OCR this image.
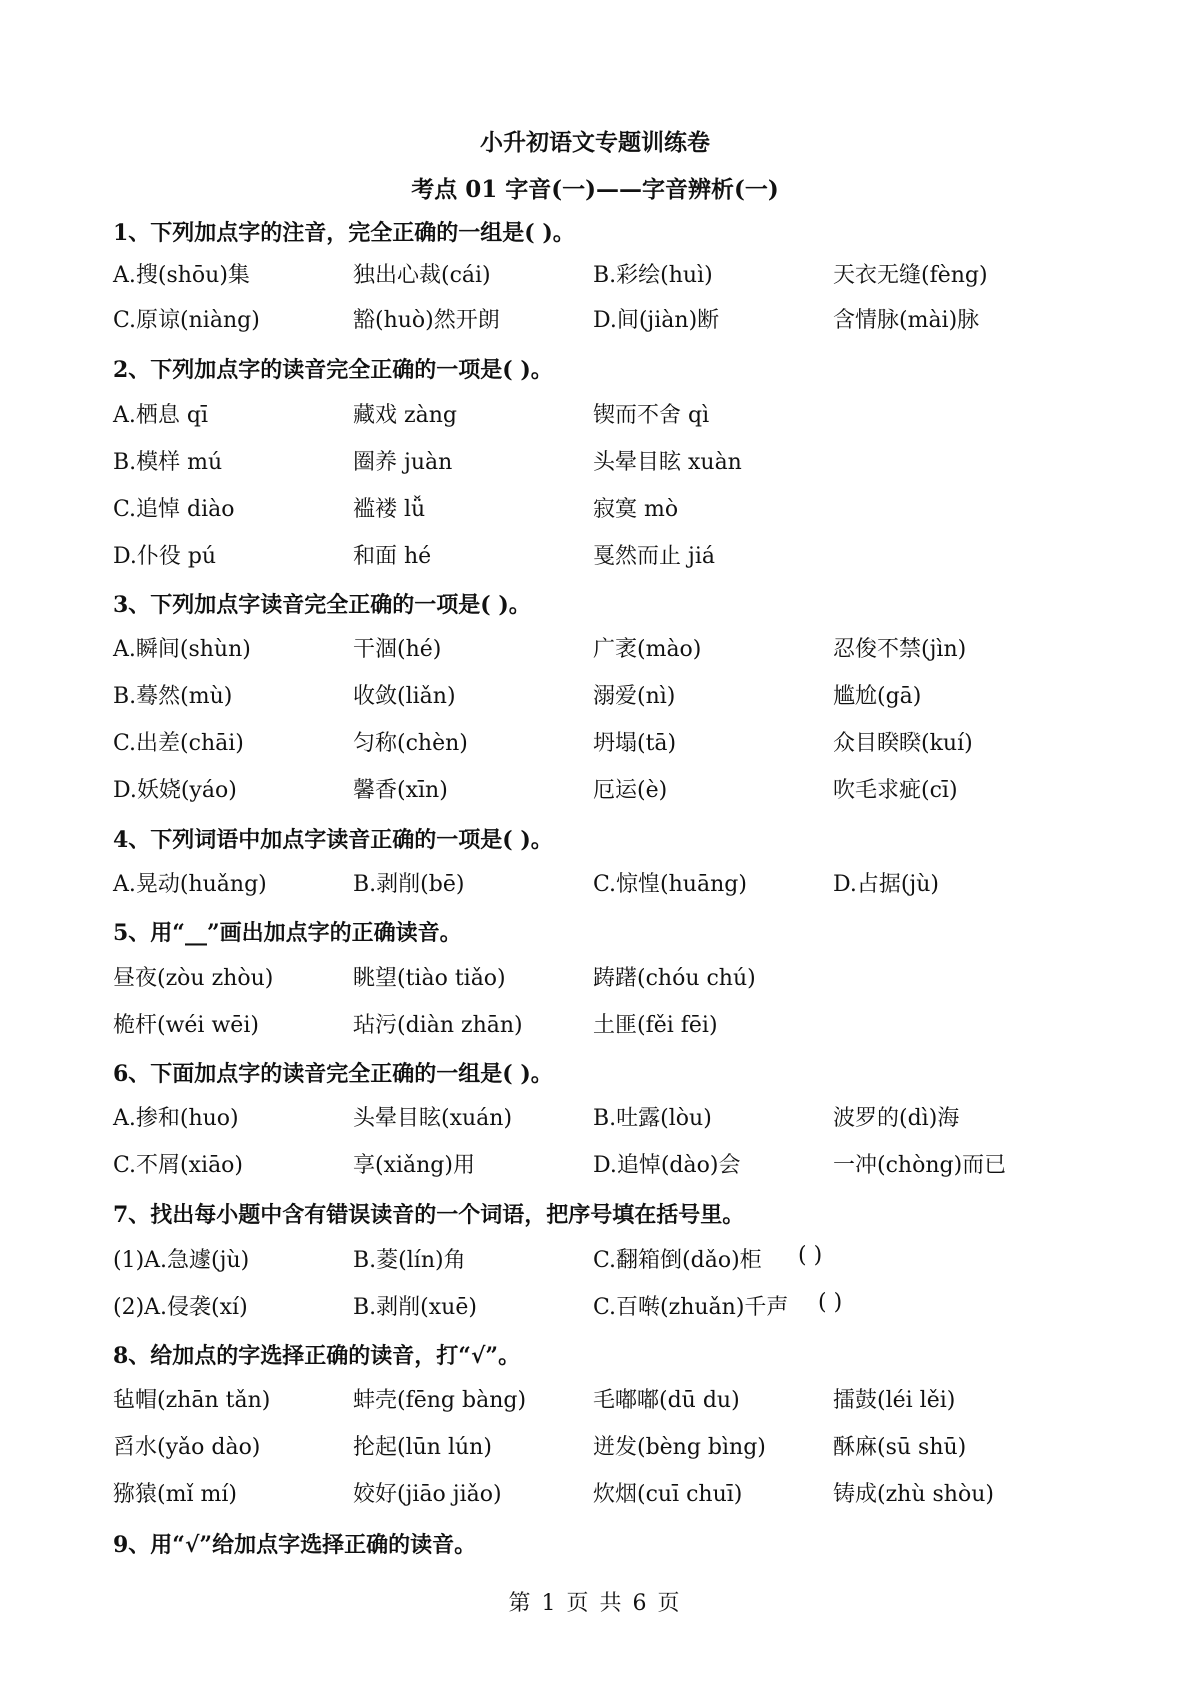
小升初语文专题训练卷
考点 01 字音(一)——字音辨析(一)
1、下列加点字的注音，完全正确的一组是( )。
A.搜(shōu)集	独出心裁(cái)	B.彩绘(huì)	天衣无缝(fèng)
C.原谅(niàng)	豁(huò)然开朗	D.间(jiàn)断	含情脉(mài)脉
2、下列加点字的读音完全正确的一项是( )。
A.栖息 qī	藏戏 zàng	锲而不舍 qì
B.模样 mú	圈养 juàn	头晕目眩 xuàn
C.追悼 diào	褴褛 lǚ	寂寞 mò
D.仆役 pú	和面 hé	戛然而止 jiá
3、下列加点字读音完全正确的一项是( )。
A.瞬间(shùn)	干涸(hé)	广袤(mào)	忍俊不禁(jìn)
B.蓦然(mù)	收敛(liǎn)	溺爱(nì)	尴尬(gā)
C.出差(chāi)	匀称(chèn)	坍塌(tā)	众目睽睽(kuí)
D.妖娆(yáo)	馨香(xīn)	厄运(è)	吹毛求疵(cī)
4、下列词语中加点字读音正确的一项是( )。
A.晃动(huǎng)	B.剥削(bē)	C.惊惶(huāng)	D.占据(jù)
5、用“__”画出加点字的正确读音。
昼夜(zòu zhòu)	眺望(tiào tiǎo)	踌躇(chóu chú)
桅杆(wéi wēi)	玷污(diàn zhān)	土匪(fěi fēi)
6、下面加点字的读音完全正确的一组是( )。
A.掺和(huo)	头晕目眩(xuán)	B.吐露(lòu)	波罗的(dì)海
C.不屑(xiāo)	享(xiǎng)用	D.追悼(dào)会	一冲(chòng)而已
7、找出每小题中含有错误读音的一个词语，把序号填在括号里。
(1)A.急遽(jù)	B.菱(lín)角	C.翻箱倒(dǎo)柜 ( )
(2)A.侵袭(xí)	B.剥削(xuē)	C.百啭(zhuǎn)千声 ( )
8、给加点的字选择正确的读音，打“√”。
毡帽(zhān tǎn)	蚌壳(fēng bàng)	毛嘟嘟(dū du)	擂鼓(léi lěi)
舀水(yǎo dào)	抡起(lūn lún)	迸发(bèng bìng)	酥麻(sū shū)
猕猿(mǐ mí)	姣好(jiāo jiǎo)	炊烟(cuī chuī)	铸成(zhù shòu)
9、用“√”给加点字选择正确的读音。
第 1 页 共 6 页
